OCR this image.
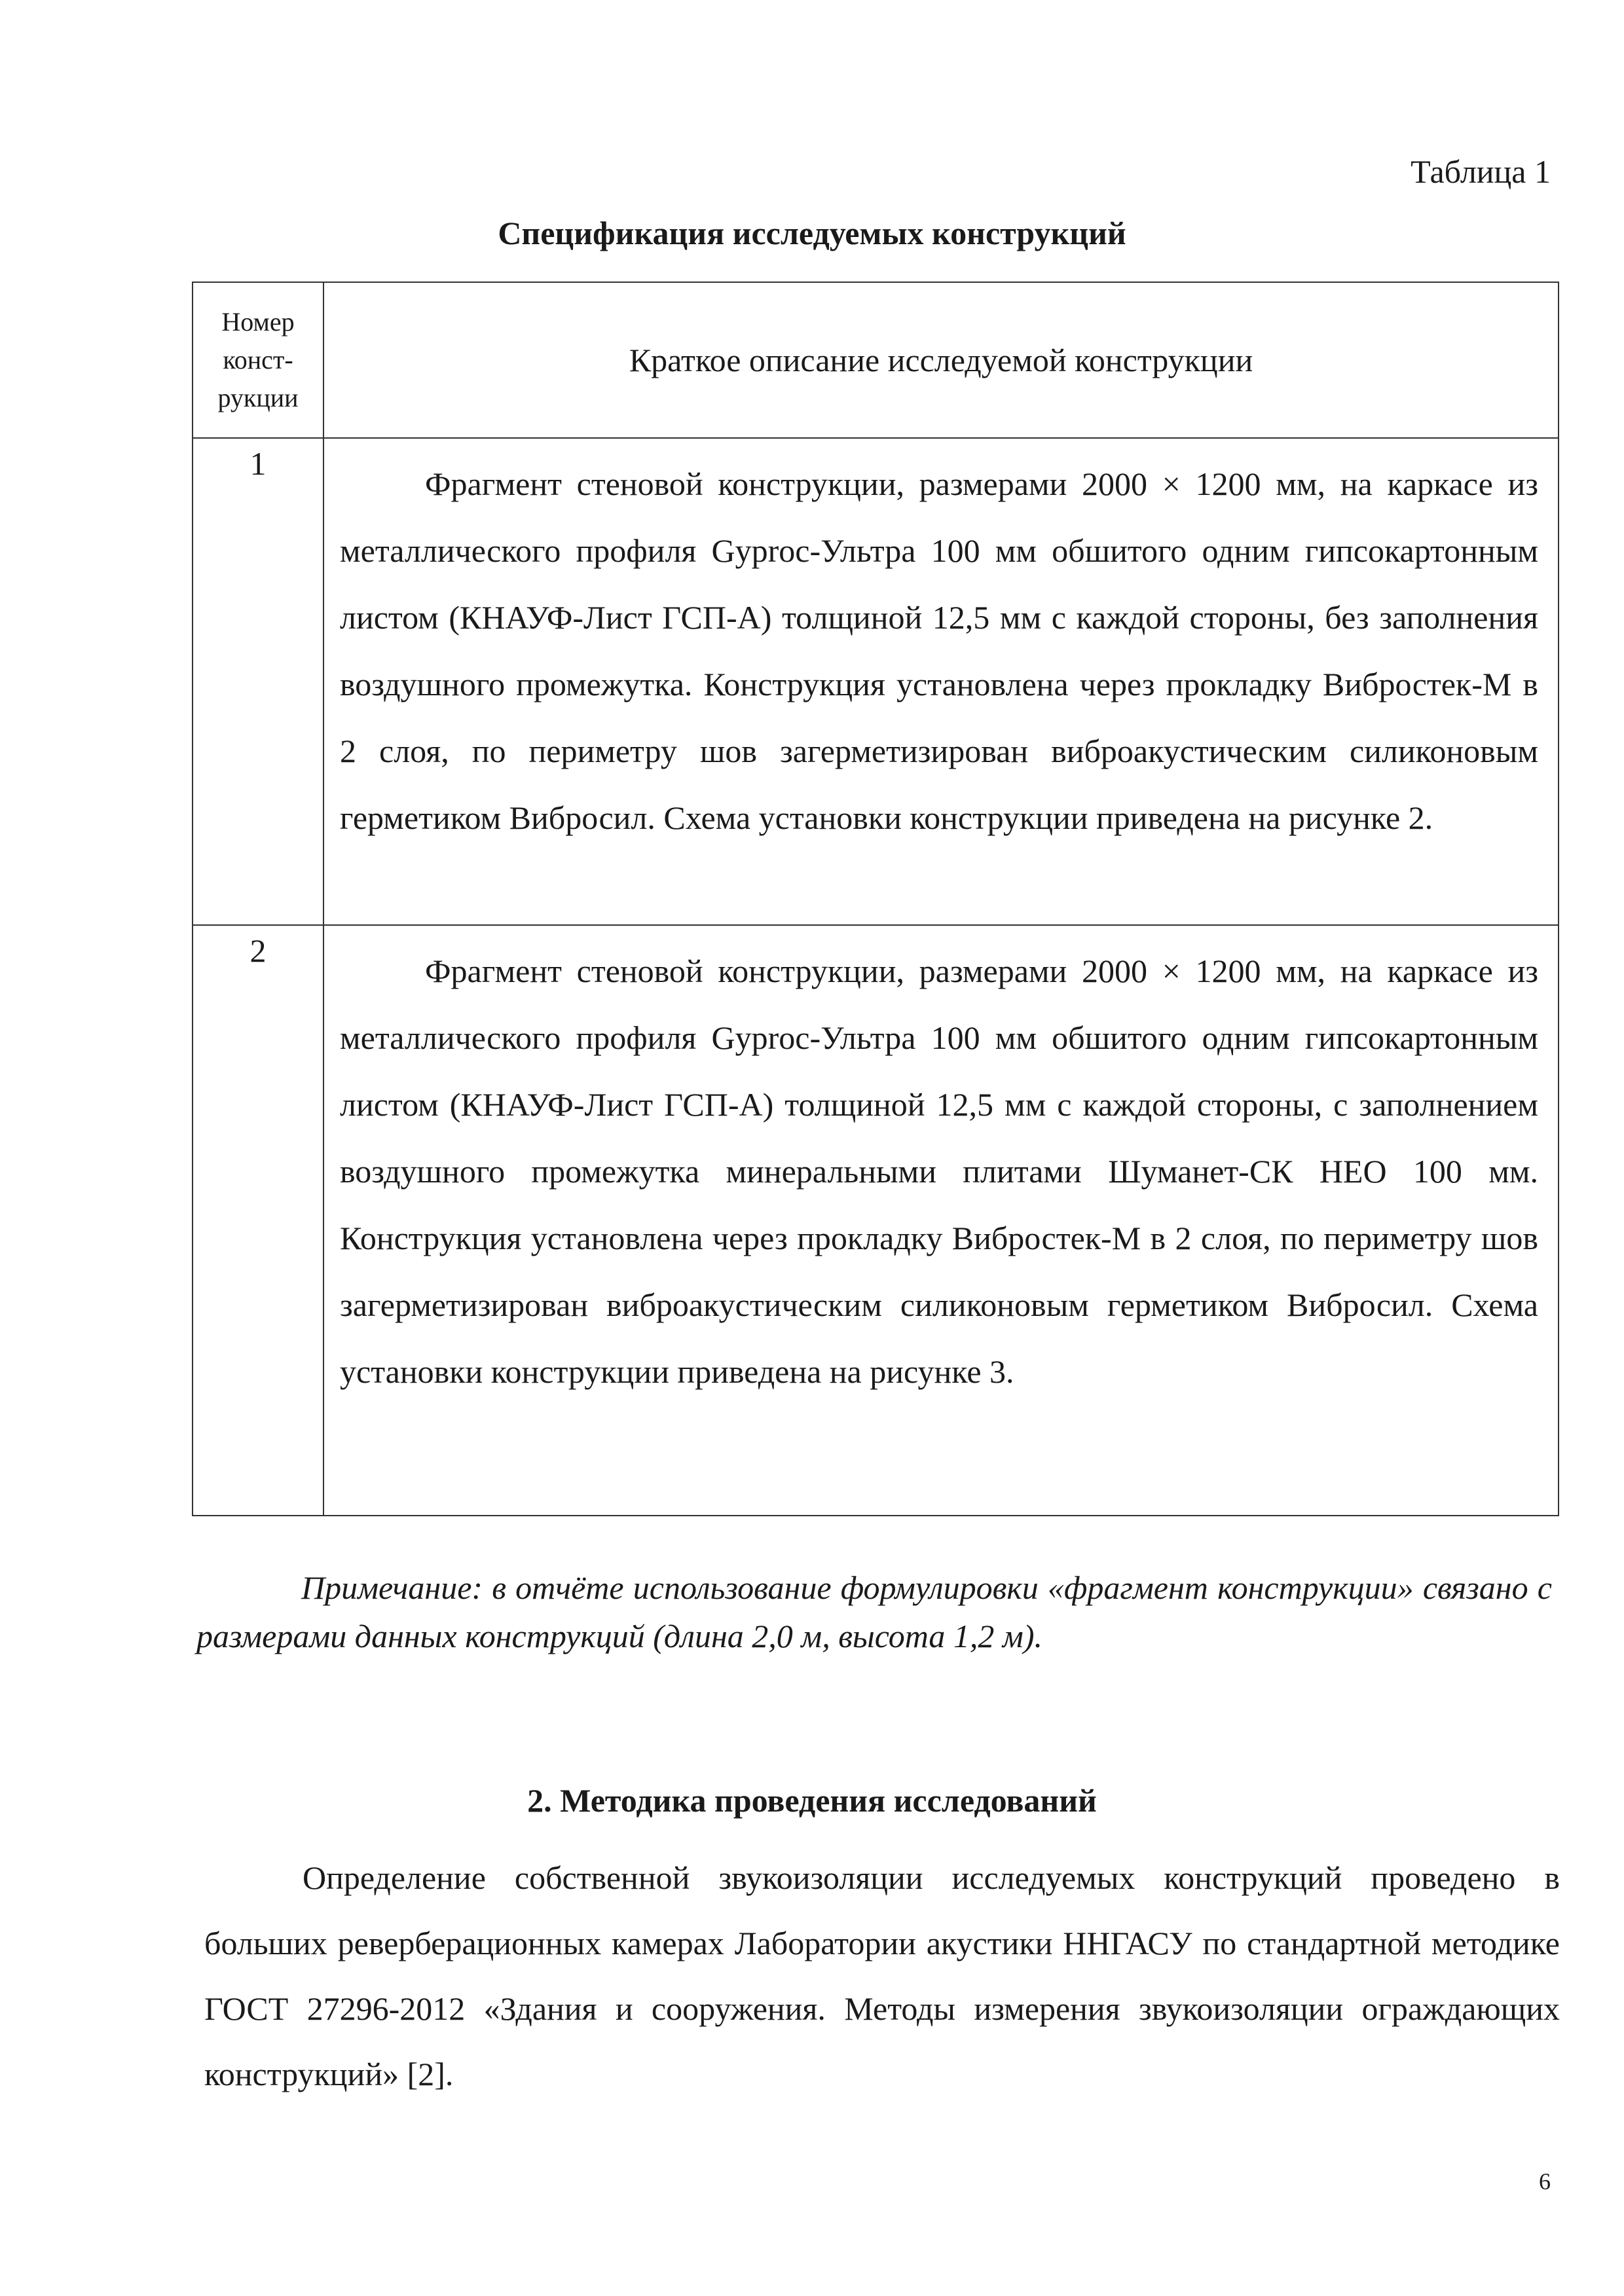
Таблица 1
Спецификация исследуемых конструкций
Номер
конст-
рукции	Краткое описание исследуемой конструкции
1	Фрагмент стеновой конструкции, размерами 2000 × 1200 мм, на каркасе из металлического профиля Gyproc-Ультра 100 мм обшитого одним гипсокартонным листом (КНАУФ-Лист ГСП-А) толщиной 12,5 мм с каждой стороны, без заполнения воздушного промежутка. Конструкция установлена через прокладку Вибростек-М в 2 слоя, по периметру шов загерметизирован виброакустическим силиконовым герметиком Вибросил. Схема установки конструкции приведена на рисунке 2.
2	Фрагмент стеновой конструкции, размерами 2000 × 1200 мм, на каркасе из металлического профиля Gyproc-Ультра 100 мм обшитого одним гипсокартонным листом (КНАУФ-Лист ГСП-А) толщиной 12,5 мм с каждой стороны, с заполнением воздушного промежутка минеральными плитами Шуманет-СК НЕО 100 мм. Конструкция установлена через прокладку Вибростек-М в 2 слоя, по периметру шов загерметизирован виброакустическим силиконовым герметиком Вибросил. Схема установки конструкции приведена на рисунке 3.
Примечание: в отчёте использование формулировки «фрагмент конструкции» связано с размерами данных конструкций (длина 2,0 м, высота 1,2 м).
2. Методика проведения исследований
Определение собственной звукоизоляции исследуемых конструкций проведено в больших реверберационных камерах Лаборатории акустики ННГАСУ по стандартной методике ГОСТ 27296-2012 «Здания и сооружения. Методы измерения звукоизоляции ограждающих конструкций» [2].
6
